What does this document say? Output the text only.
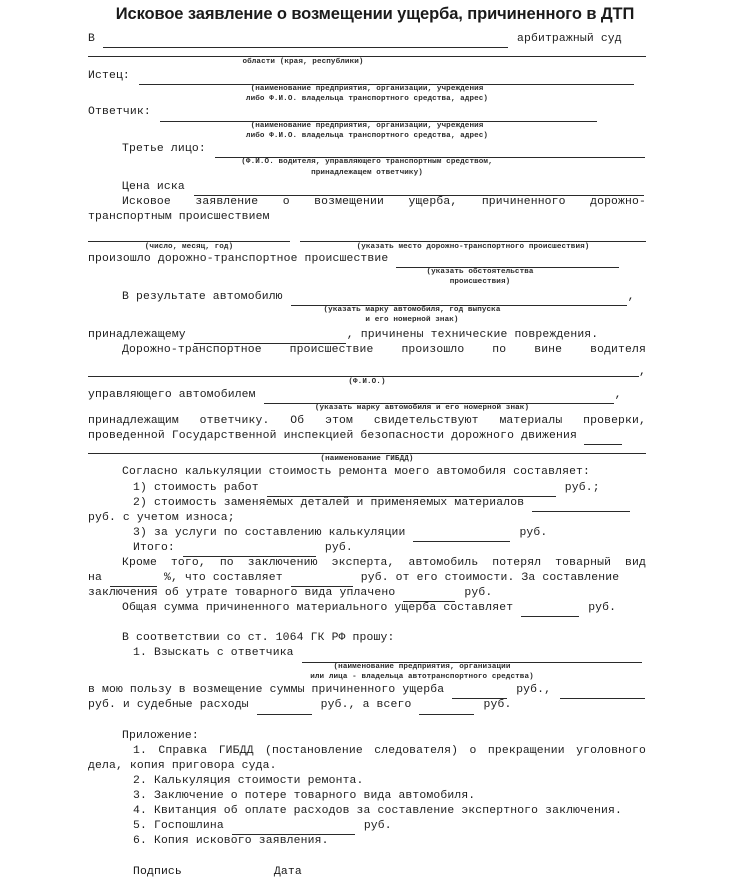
Исковое заявление о возмещении ущерба, причиненного в ДТП
В	арбитражный суд
области (края, республики)
Истец:
(наименование предприятия, организации, учреждения
либо Ф.И.О. владельца транспортного средства, адрес)
Ответчик:
(наименование предприятия, организации, учреждения
либо Ф.И.О. владельца транспортного средства, адрес)
Третье лицо:
(Ф.И.О. водителя, управляющего транспортным средством,
принадлежащем ответчику)
Цена иска
Исковое заявление о возмещении ущерба, причиненного дорожно-
транспортным происшествием
(число, месяц, год)	(указать место дорожно-транспортного происшествия)
произошло дорожно-транспортное происшествие
(указать обстоятельства
происшествия)
В результате автомобилю	,
(указать марку автомобиля, год выпуска
и его номерной знак)
принадлежащему	, причинены технические повреждения.
Дорожно-транспортное происшествие произошло по вине водителя
,
(Ф.И.О.)
управляющего автомобилем	,
(указать марку автомобиля и его номерной знак)
принадлежащим ответчику. Об этом свидетельствуют материалы проверки,
проведенной Государственной инспекцией безопасности дорожного движения
(наименование ГИБДД)
Согласно калькуляции стоимость ремонта моего автомобиля составляет:
1) стоимость работ	руб.;
2) стоимость заменяемых деталей и применяемых материалов
руб. с учетом износа;
3) за услуги по составлению калькуляции	руб.
Итого:	руб.
Кроме того, по заключению эксперта, автомобиль потерял товарный вид
на	%, что составляет	руб. от его стоимости. За составление
заключения об утрате товарного вида уплачено	руб.
Общая сумма причиненного материального ущерба составляет	руб.
В соответствии со ст. 1064 ГК РФ прошу:
1. Взыскать с ответчика
(наименование предприятия, организации
или лица - владельца автотранспортного средства)
в мою пользу в возмещение суммы причиненного ущерба	руб.,
руб. и судебные расходы	руб., а всего	руб.
Приложение:
1. Справка ГИБДД (постановление следователя) о прекращении уголовного
дела, копия приговора суда.
2. Калькуляция стоимости ремонта.
3. Заключение о потере товарного вида автомобиля.
4. Квитанция об оплате расходов за составление экспертного заключения.
5. Госпошлина	руб.
6. Копия искового заявления.
Подпись	Дата
